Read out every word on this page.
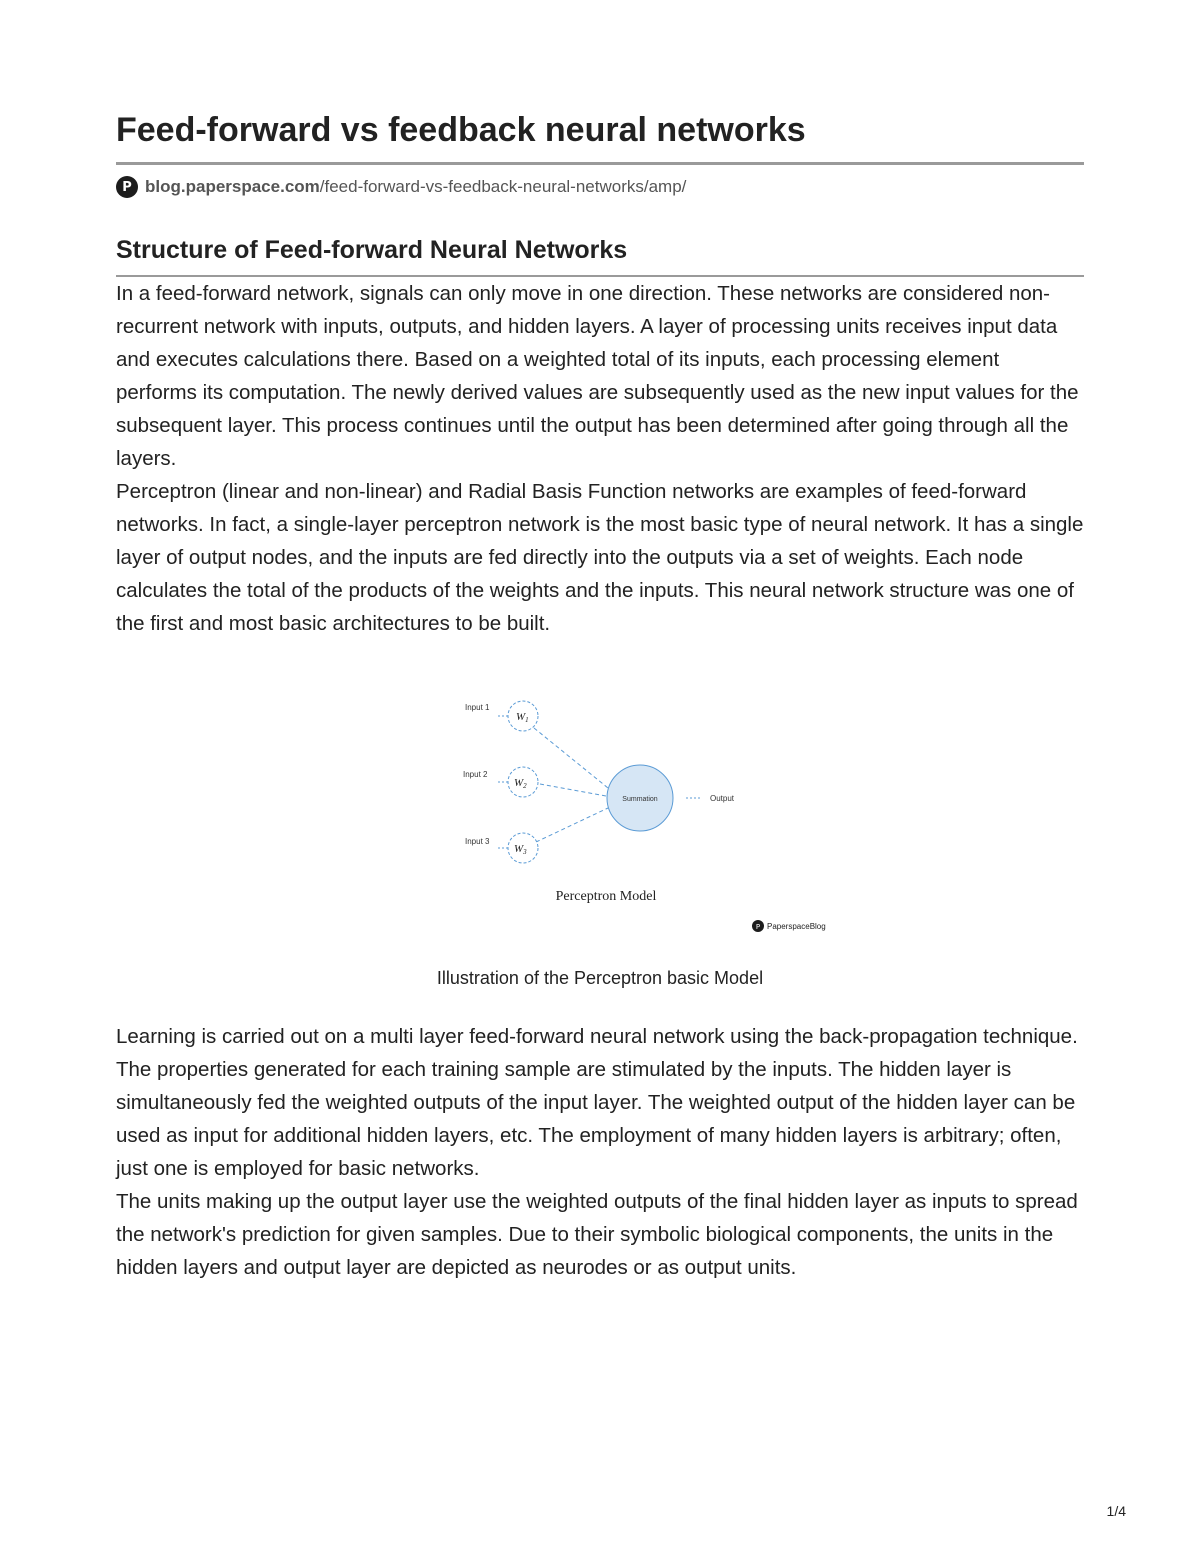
Feed-forward vs feedback neural networks
P blog.paperspace.com /feed-forward-vs-feedback-neural-networks/amp/
Structure of Feed-forward Neural Networks

In a feed-forward network, signals can only move in one direction. These networks are considered non-recurrent network with inputs, outputs, and hidden layers. A layer of processing units receives input data and executes calculations there. Based on a weighted total of its inputs, each processing element performs its computation. The newly derived values are subsequently used as the new input values for the subsequent layer. This process continues until the output has been determined after going through all the layers.

Perceptron (linear and non-linear) and Radial Basis Function networks are examples of feed-forward networks. In fact, a single-layer perceptron network is the most basic type of neural network. It has a single layer of output nodes, and the inputs are fed directly into the outputs via a set of weights. Each node calculates the total of the products of the weights and the inputs. This neural network structure was one of the first and most basic architectures to be built.

Input 1
Input 2
Input 3
W1
W2
W3
Summation	Output
Perceptron Model
P PaperspaceBlog
Illustration of the Perceptron basic Model

Learning is carried out on a multi layer feed-forward neural network using the back-propagation technique. The properties generated for each training sample are stimulated by the inputs. The hidden layer is simultaneously fed the weighted outputs of the input layer. The weighted output of the hidden layer can be used as input for additional hidden layers, etc. The employment of many hidden layers is arbitrary; often, just one is employed for basic networks.

The units making up the output layer use the weighted outputs of the final hidden layer as inputs to spread the network's prediction for given samples. Due to their symbolic biological components, the units in the hidden layers and output layer are depicted as neurodes or as output units.

1/4
